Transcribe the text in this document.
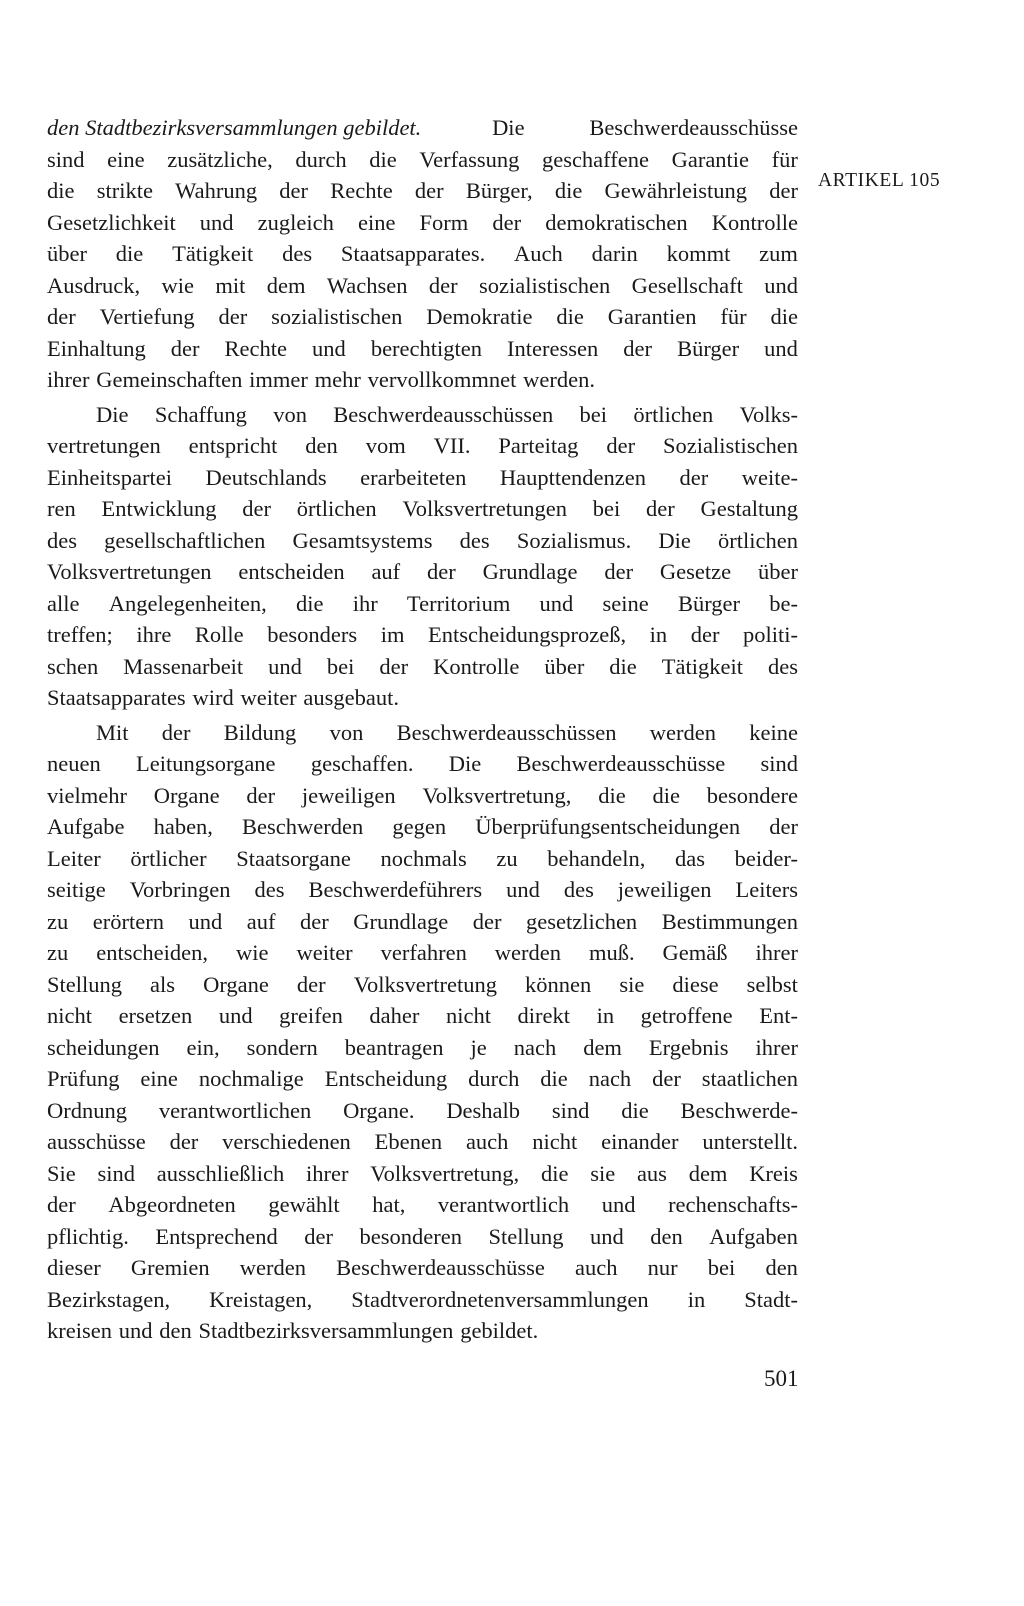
den Stadtbezirksversammlungen gebildet.	Die	Beschwerdeausschüsse
sind eine zusätzliche, durch die Verfassung geschaffene Garantie für
die strikte Wahrung der Rechte der Bürger, die Gewährleistung der
Gesetzlichkeit und zugleich eine Form der demokratischen Kontrolle
über die Tätigkeit des Staatsapparates. Auch darin kommt zum
Ausdruck, wie mit dem Wachsen der sozialistischen Gesellschaft und
der Vertiefung der sozialistischen Demokratie die Garantien für die
Einhaltung der Rechte und berechtigten Interessen der Bürger und
ihrer Gemeinschaften immer mehr vervollkommnet werden.
Die Schaffung von Beschwerdeausschüssen bei örtlichen Volks-
vertretungen entspricht den vom VII. Parteitag der Sozialistischen
Einheitspartei Deutschlands erarbeiteten Haupttendenzen der weite-
ren Entwicklung der örtlichen Volksvertretungen bei der Gestaltung
des gesellschaftlichen Gesamtsystems des Sozialismus. Die örtlichen
Volksvertretungen entscheiden auf der Grundlage der Gesetze über
alle Angelegenheiten, die ihr Territorium und seine Bürger be-
treffen; ihre Rolle besonders im Entscheidungsprozeß, in der politi-
schen Massenarbeit und bei der Kontrolle über die Tätigkeit des
Staatsapparates wird weiter ausgebaut.
Mit der Bildung von Beschwerdeausschüssen werden keine
neuen Leitungsorgane geschaffen. Die Beschwerdeausschüsse sind
vielmehr Organe der jeweiligen Volksvertretung, die die besondere
Aufgabe haben, Beschwerden gegen Überprüfungsentscheidungen der
Leiter örtlicher Staatsorgane nochmals zu behandeln, das beider-
seitige Vorbringen des Beschwerdeführers und des jeweiligen Leiters
zu erörtern und auf der Grundlage der gesetzlichen Bestimmungen
zu entscheiden, wie weiter verfahren werden muß. Gemäß ihrer
Stellung als Organe der Volksvertretung können sie diese selbst
nicht ersetzen und greifen daher nicht direkt in getroffene Ent-
scheidungen ein, sondern beantragen je nach dem Ergebnis ihrer
Prüfung eine nochmalige Entscheidung durch die nach der staatlichen
Ordnung verantwortlichen Organe. Deshalb sind die Beschwerde-
ausschüsse der verschiedenen Ebenen auch nicht einander unterstellt.
Sie sind ausschließlich ihrer Volksvertretung, die sie aus dem Kreis
der Abgeordneten gewählt hat, verantwortlich und rechenschafts-
pflichtig. Entsprechend der besonderen Stellung und den Aufgaben
dieser Gremien werden Beschwerdeausschüsse auch nur bei den
Bezirkstagen, Kreistagen, Stadtverordnetenversammlungen in Stadt-
kreisen und den Stadtbezirksversammlungen gebildet.
ARTIKEL 105
501
